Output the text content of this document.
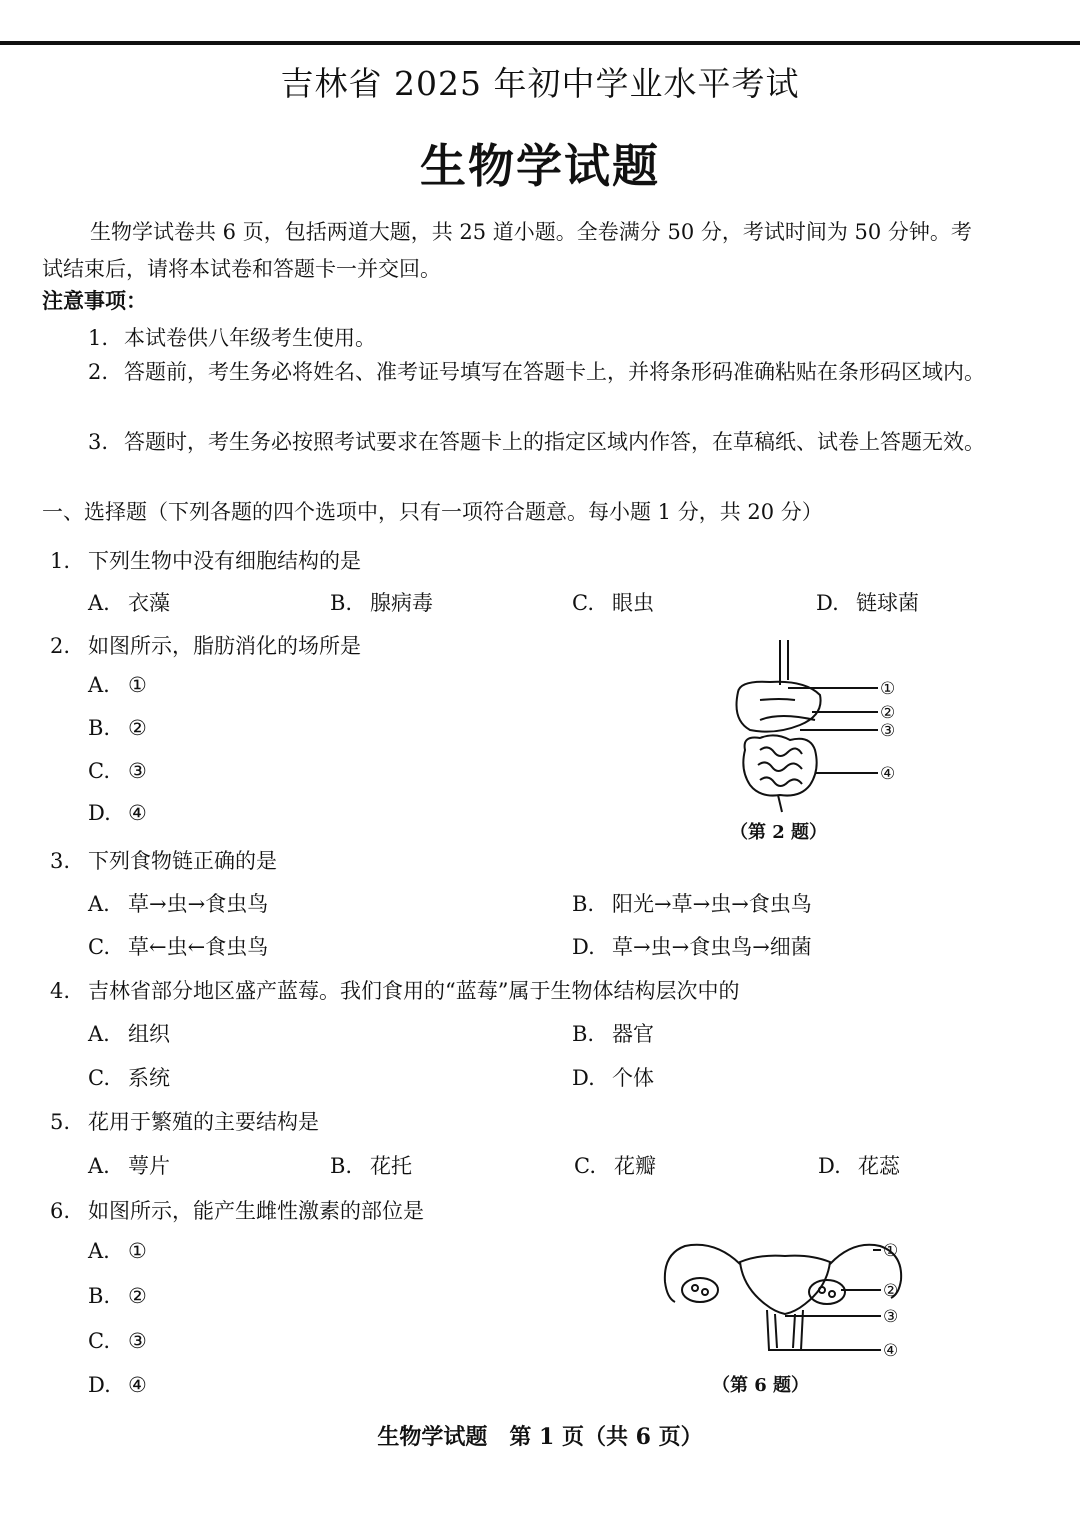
吉林省 2025 年初中学业水平考试
生物学试题
生物学试卷共 6 页，包括两道大题，共 25 道小题。全卷满分 50 分，考试时间为 50 分钟。考试结束后，请将本试卷和答题卡一并交回。
注意事项：
1. 本试卷供八年级考生使用。
2. 答题前，考生务必将姓名、准考证号填写在答题卡上，并将条形码准确粘贴在条形码区域内。
3. 答题时，考生务必按照考试要求在答题卡上的指定区域内作答，在草稿纸、试卷上答题无效。
一、选择题（下列各题的四个选项中，只有一项符合题意。每小题 1 分，共 20 分）
1. 下列生物中没有细胞结构的是
A. 衣藻	B. 腺病毒	C. 眼虫	D. 链球菌
2. 如图所示，脂肪消化的场所是
A. ①
B. ②
C. ③
D. ④
①
②
③
④
（第 2 题）
3. 下列食物链正确的是
A. 草→虫→食虫鸟	B. 阳光→草→虫→食虫鸟
C. 草←虫←食虫鸟	D. 草→虫→食虫鸟→细菌
4. 吉林省部分地区盛产蓝莓。我们食用的“蓝莓”属于生物体结构层次中的
A. 组织	B. 器官
C. 系统	D. 个体
5. 花用于繁殖的主要结构是
A. 萼片	B. 花托	C. 花瓣	D. 花蕊
6. 如图所示，能产生雌性激素的部位是
A. ①
B. ②
C. ③
D. ④
①
②
③
④
（第 6 题）
生物学试题　第 1 页（共 6 页）
